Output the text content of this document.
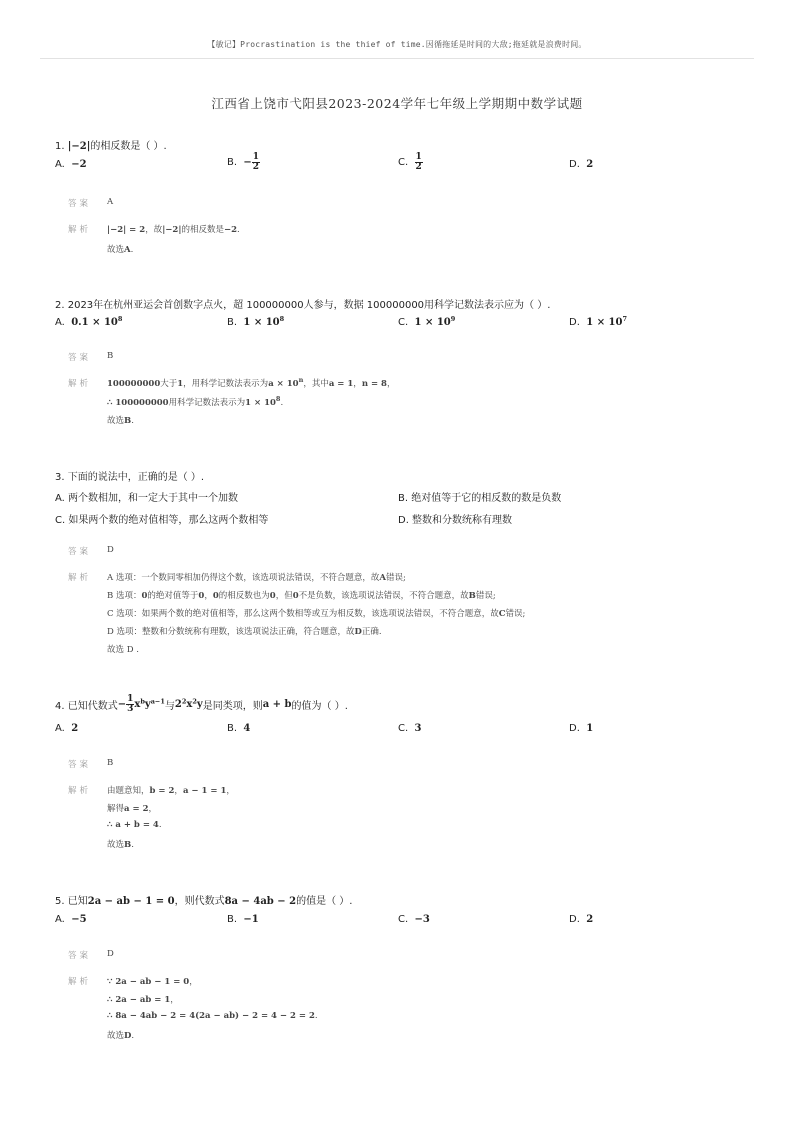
【敏记】Procrastination is the thief of time.因循拖延是时间的大敌;拖延就是浪费时间。
江西省上饶市弋阳县2023-2024学年七年级上学期期中数学试题
1. |−2|的相反数是（ ）.
A. −2	B. − $\frac{1}{2}$	C. $\frac{1}{2}$	D. 2
答案 A
解析 |−2| = 2，故|−2|的相反数是−2.
故选A.
2. 2023年在杭州亚运会首创数字点火，超 100000000人参与，数据 100000000用科学记数法表示应为（ ）.
A.  $0.1 \times 10^8$	B.  $1 \times 10^8$	C.  $1 \times 10^9$	D.  $1 \times 10^7$
答案 B
解析 100000000大于1，用科学记数法表示为$a \times 10^n$，其中a = 1，n = 8，
∴ 100000000用科学记数法表示为$1 \times 10^8$.
故选B.
3. 下面的说法中，正确的是（ ）.
A. 两个数相加，和一定大于其中一个加数	B. 绝对值等于它的相反数的数是负数
C. 如果两个数的绝对值相等，那么这两个数相等	D. 整数和分数统称有理数
答案 D
解析 A 选项：一个数同零相加仍得这个数，该选项说法错误，不符合题意，故A错误;
B 选项：0的绝对值等于0，0的相反数也为0，但0不是负数，该选项说法错误，不符合题意，故B错误;
C 选项：如果两个数的绝对值相等，那么这两个数相等或互为相反数，该选项说法错误，不符合题意，故C错误;
D 选项：整数和分数统称有理数，该选项说法正确，符合题意，故D正确.
故选 D .
4. 已知代数式− $\frac{1}{3} x^by^{a-1}$与$2^2x^2y$是同类项，则a + b的值为（ ）.
A.  2	B.  4	C.  3	D.  1
答案 B
解析 由题意知，b = 2，a − 1 = 1，
解得a = 2，
∴ a + b = 4.
故选B.
5. 已知2a − ab − 1 = 0，则代数式8a − 4ab − 2的值是（ ）.
A.  −5	B.  −1	C.  −3	D.  2
答案 D
解析 ∵ 2a − ab − 1 = 0，
∴ 2a − ab = 1，
∴ 8a − 4ab − 2 = 4(2a − ab) − 2 = 4 − 2 = 2.
故选D.
